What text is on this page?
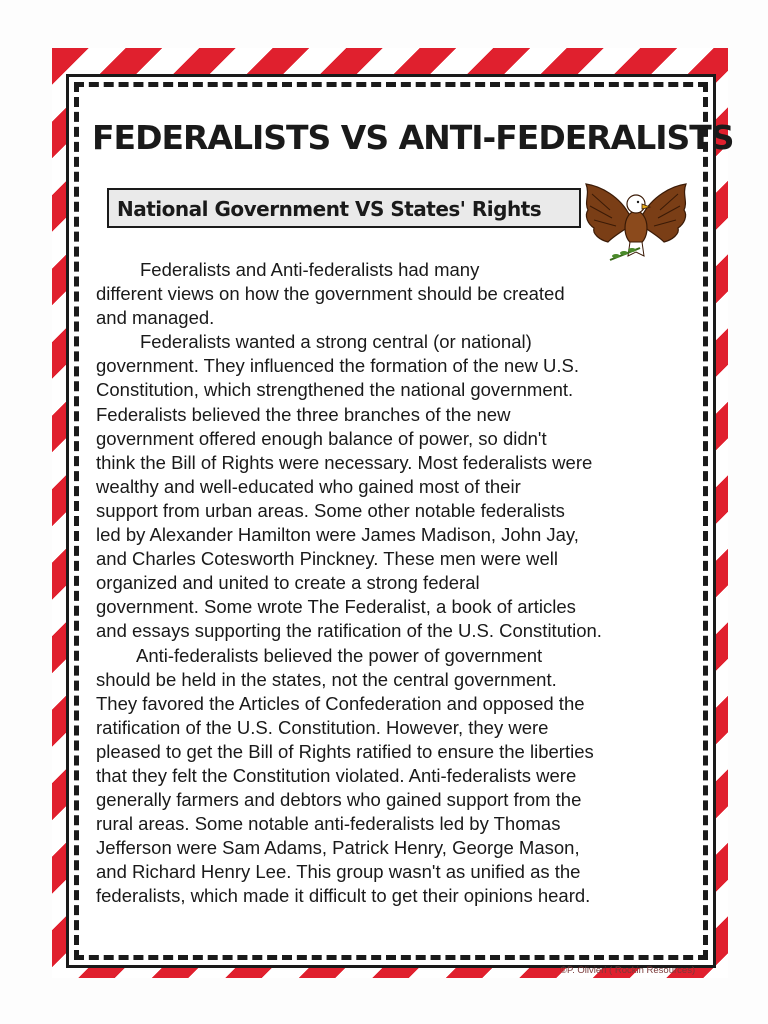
FEDERALISTS VS ANTI-FEDERALISTS
National Government VS States' Rights
Federalists and Anti-federalists had many
different views on how the government should be created
and managed.
Federalists wanted a strong central (or national)
government. They influenced the formation of the new U.S.
Constitution, which strengthened the national government.
Federalists believed the three branches of the new
government offered enough balance of power, so didn't
think the Bill of Rights were necessary. Most federalists were
wealthy and well-educated who gained most of their
support from urban areas. Some other notable federalists
led by Alexander Hamilton were James Madison, John Jay,
and Charles Cotesworth Pinckney. These men were well
organized and united to create a strong federal
government. Some wrote The Federalist, a book of articles
and essays supporting the ratification of the U.S. Constitution.
Anti-federalists believed the power of government
should be held in the states, not the central government.
They favored the Articles of Confederation and opposed the
ratification of the U.S. Constitution. However, they were
pleased to get the Bill of Rights ratified to ensure the liberties
that they felt the Constitution violated. Anti-federalists were
generally farmers and debtors who gained support from the
rural areas. Some notable anti-federalists led by Thomas
Jefferson were Sam Adams, Patrick Henry, George Mason,
and Richard Henry Lee. This group wasn't as unified as the
federalists, which made it difficult to get their opinions heard.
©P. Olivieri ( Rockin Resources)
